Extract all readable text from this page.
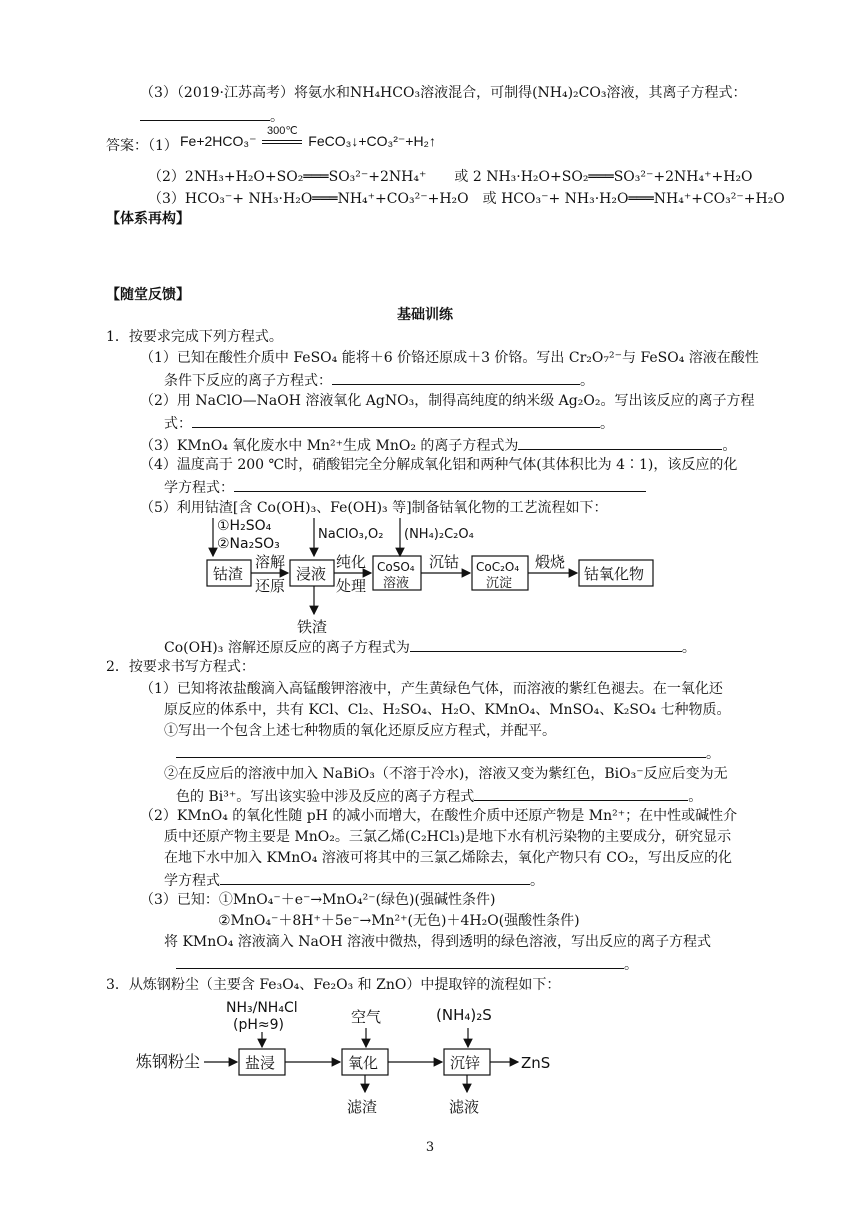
（3）（2019·江苏高考）将氨水和NH₄HCO₃溶液混合，可制得(NH₄)₂CO₃溶液，其离子方程式：
。
答案：（1） Fe+2HCO₃⁻
300℃
FeCO₃↓+CO₃²⁻+H₂↑
（2）2NH₃+H₂O+SO₂═══SO₃²⁻+2NH₄⁺　　或 2 NH₃·H₂O+SO₂═══SO₃²⁻+2NH₄⁺+H₂O
（3）HCO₃⁻+ NH₃·H₂O═══NH₄⁺+CO₃²⁻+H₂O　或 HCO₃⁻+ NH₃·H₂O═══NH₄⁺+CO₃²⁻+H₂O
【体系再构】
【随堂反馈】
基础训练
1．按要求完成下列方程式。
（1）已知在酸性介质中 FeSO₄ 能将＋6 价铬还原成＋3 价铬。写出 Cr₂O₇²⁻与 FeSO₄ 溶液在酸性
条件下反应的离子方程式：	。
（2）用 NaClO—NaOH 溶液氧化 AgNO₃，制得高纯度的纳米级 Ag₂O₂。写出该反应的离子方程
式：	。
（3）KMnO₄ 氧化废水中 Mn²⁺生成 MnO₂ 的离子方程式为	。
（4）温度高于 200 ℃时，硝酸铝完全分解成氧化铝和两种气体(其体积比为 4∶1)，该反应的化
学方程式：
（5）利用钴渣[含 Co(OH)₃、Fe(OH)₃ 等]制备钴氧化物的工艺流程如下：
①H₂SO₄
②Na₂SO₃
NaClO₃,O₂ (NH₄)₂C₂O₄
钴渣
溶解
还原
浸液
铁渣
纯化
处理
CoSO₄
溶液
沉钴 CoC₂O₄
沉淀
煅烧
钴氧化物
Co(OH)₃ 溶解还原反应的离子方程式为	。
2．按要求书写方程式：
（1）已知将浓盐酸滴入高锰酸钾溶液中，产生黄绿色气体，而溶液的紫红色褪去。在一氧化还
原反应的体系中，共有 KCl、Cl₂、H₂SO₄、H₂O、KMnO₄、MnSO₄、K₂SO₄ 七种物质。
①写出一个包含上述七种物质的氧化还原反应方程式，并配平。
。
②在反应后的溶液中加入 NaBiO₃（不溶于冷水)，溶液又变为紫红色，BiO₃⁻反应后变为无
色的 Bi³⁺。写出该实验中涉及反应的离子方程式	。
（2）KMnO₄ 的氧化性随 pH 的减小而增大，在酸性介质中还原产物是 Mn²⁺；在中性或碱性介
质中还原产物主要是 MnO₂。三氯乙烯(C₂HCl₃)是地下水有机污染物的主要成分，研究显示
在地下水中加入 KMnO₄ 溶液可将其中的三氯乙烯除去，氧化产物只有 CO₂，写出反应的化
学方程式	。
（3）已知：①MnO₄⁻＋e⁻→MnO₄²⁻(绿色)(强碱性条件)
②MnO₄⁻＋8H⁺＋5e⁻→Mn²⁺(无色)＋4H₂O(强酸性条件)
将 KMnO₄ 溶液滴入 NaOH 溶液中微热，得到透明的绿色溶液，写出反应的离子方程式
。
3．从炼钢粉尘（主要含 Fe₃O₄、Fe₂O₃ 和 ZnO）中提取锌的流程如下：
NH₃/NH₄Cl
(pH≈9)	空气	(NH₄)₂S
炼钢粉尘	盐浸	氧化	沉锌	ZnS
滤渣	滤液
3
